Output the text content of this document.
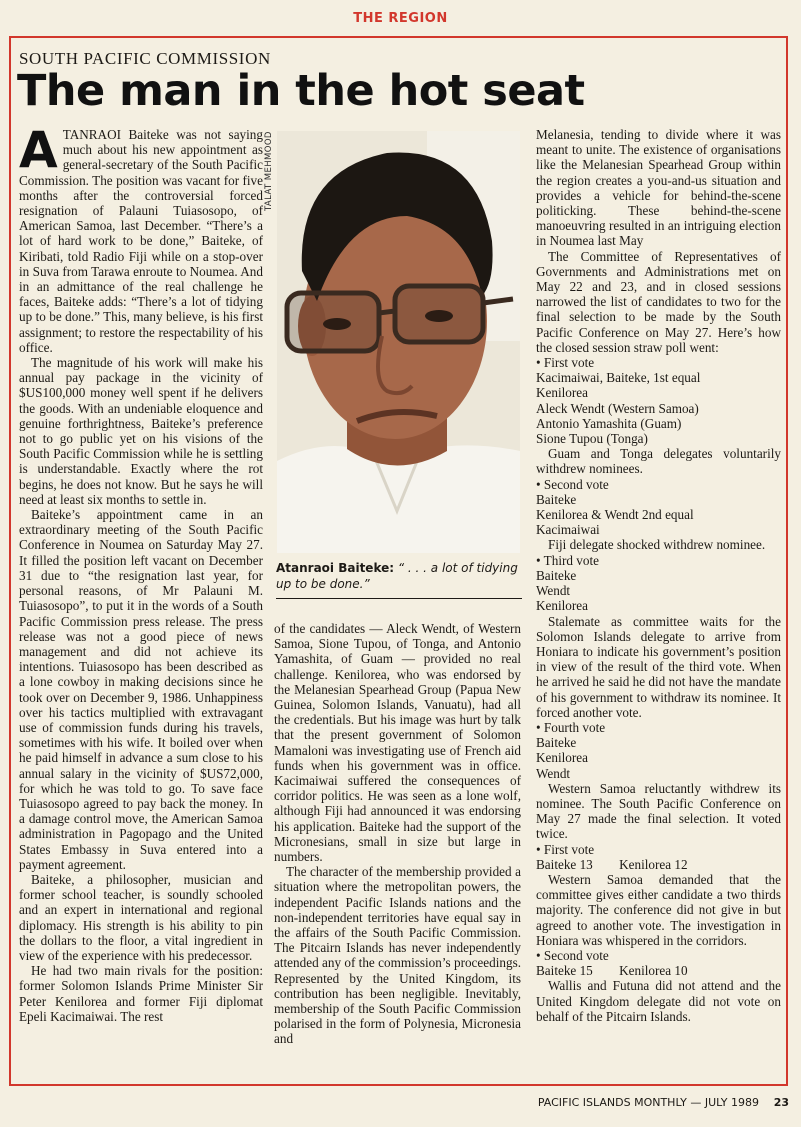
THE REGION
SOUTH PACIFIC COMMISSION
The man in the hot seat

ATANRAOI Baiteke was not saying much about his new appointment as general-secretary of the South Pacific Commission. The position was vacant for five months after the controversial forced resignation of Palauni Tuiasosopo, of American Samoa, last December. “There’s a lot of hard work to be done,” Baiteke, of Kiribati, told Radio Fiji while on a stop-over in Suva from Tarawa enroute to Noumea. And in an admittance of the real challenge he faces, Baiteke adds: “There’s a lot of tidying up to be done.” This, many believe, is his first assignment; to restore the respectability of his office.

The magnitude of his work will make his annual pay package in the vicinity of $US100,000 money well spent if he delivers the goods. With an undeniable eloquence and genuine forthrightness, Baiteke’s preference not to go public yet on his visions of the South Pacific Commission while he is settling is understandable. Exactly where the rot begins, he does not know. But he says he will need at least six months to settle in.

Baiteke’s appointment came in an extraordinary meeting of the South Pacific Conference in Noumea on Saturday May 27. It filled the position left vacant on December 31 due to “the resignation last year, for personal reasons, of Mr Palauni M. Tuiasosopo”, to put it in the words of a South Pacific Commission press release. The press release was not a good piece of news management and did not achieve its intentions. Tuiasosopo has been described as a lone cowboy in making decisions since he took over on December 9, 1986. Unhappiness over his tactics multiplied with extravagant use of commission funds during his travels, sometimes with his wife. It boiled over when he paid himself in advance a sum close to his annual salary in the vicinity of $US72,000, for which he was told to go. To save face Tuiasosopo agreed to pay back the money. In a damage control move, the American Samoa administration in Pagopago and the United States Embassy in Suva entered into a payment agreement.

Baiteke, a philosopher, musician and former school teacher, is soundly schooled and an expert in international and regional diplomacy. His strength is his ability to pin the dollars to the floor, a vital ingredient in view of the experience with his predecessor.

He had two main rivals for the position: former Solomon Islands Prime Minister Sir Peter Kenilorea and former Fiji diplomat Epeli Kacimaiwai. The rest

TALAT MEHMOOD
Atanraoi Baiteke: “ . . . a lot of tidying up to be done.”

of the candidates — Aleck Wendt, of Western Samoa, Sione Tupou, of Tonga, and Antonio Yamashita, of Guam — provided no real challenge. Kenilorea, who was endorsed by the Melanesian Spearhead Group (Papua New Guinea, Solomon Islands, Vanuatu), had all the credentials. But his image was hurt by talk that the present government of Solomon Mamaloni was investigating use of French aid funds when his government was in office. Kacimaiwai suffered the consequences of corridor politics. He was seen as a lone wolf, although Fiji had announced it was endorsing his application. Baiteke had the support of the Micronesians, small in size but large in numbers.

The character of the membership provided a situation where the metropolitan powers, the independent Pacific Islands nations and the non-independent territories have equal say in the affairs of the South Pacific Commission. The Pitcairn Islands has never independently attended any of the commission’s proceedings. Represented by the United Kingdom, its contribution has been negligible. Inevitably, membership of the South Pacific Commission polarised in the form of Polynesia, Micronesia and

Melanesia, tending to divide where it was meant to unite. The existence of organisations like the Melanesian Spearhead Group within the region creates a you-and-us situation and provides a vehicle for behind-the-scene politicking. These behind-the-scene manoeuvring resulted in an intriguing election in Noumea last May

The Committee of Representatives of Governments and Administrations met on May 22 and 23, and in closed sessions narrowed the list of candidates to two for the final selection to be made by the South Pacific Conference on May 27. Here’s how the closed session straw poll went:

• First vote

Kacimaiwai, Baiteke, 1st equal

Kenilorea

Aleck Wendt (Western Samoa)

Antonio Yamashita (Guam)

Sione Tupou (Tonga)

Guam and Tonga delegates voluntarily withdrew nominees.

• Second vote

Baiteke

Kenilorea & Wendt 2nd equal

Kacimaiwai

Fiji delegate shocked withdrew nominee.

• Third vote

Baiteke

Wendt

Kenilorea

Stalemate as committee waits for the Solomon Islands delegate to arrive from Honiara to indicate his government’s position in view of the result of the third vote. When he arrived he said he did not have the mandate of his government to withdraw its nominee. It forced another vote.

• Fourth vote

Baiteke

Kenilorea

Wendt

Western Samoa reluctantly withdrew its nominee. The South Pacific Conference on May 27 made the final selection. It voted twice.

• First vote

Baiteke 13  Kenilorea 12

Western Samoa demanded that the committee gives either candidate a two thirds majority. The conference did not give in but agreed to another vote. The investigation in Honiara was whispered in the corridors.

• Second vote

Baiteke 15  Kenilorea 10

Wallis and Futuna did not attend and the United Kingdom delegate did not vote on behalf of the Pitcairn Islands.

PACIFIC ISLANDS MONTHLY — JULY 1989 23
